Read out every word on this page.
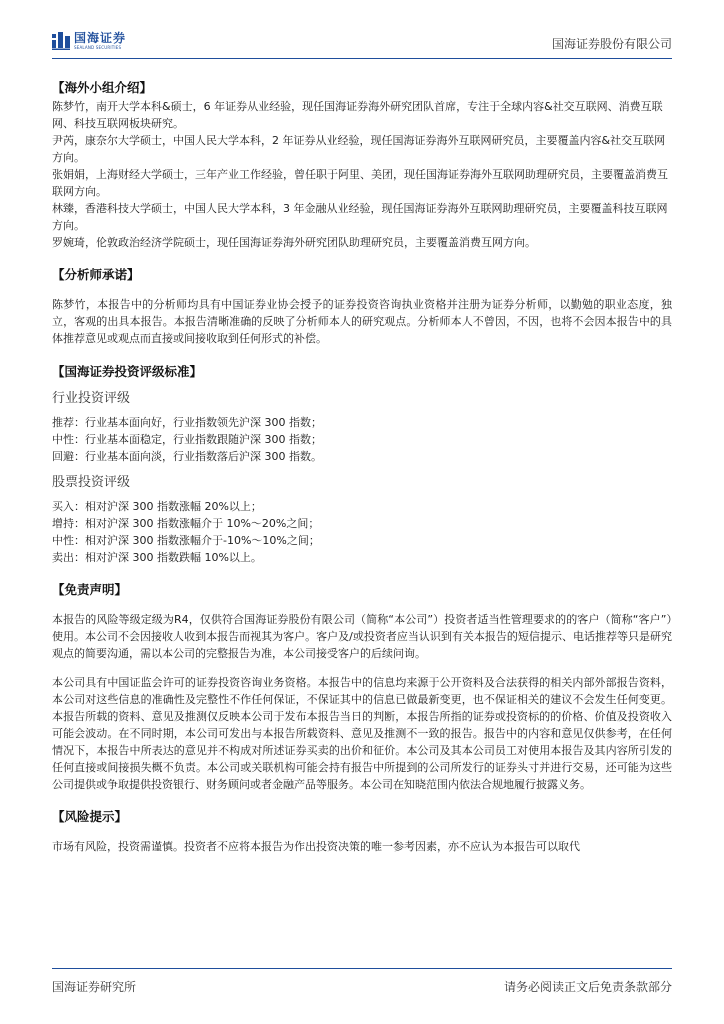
国海证券
SEALAND SECURITIES	国海证券股份有限公司
【海外小组介绍】

陈梦竹，南开大学本科&硕士，6 年证券从业经验，现任国海证券海外研究团队首席，专注于全球内容&社交互联网、消费互联网、科技互联网板块研究。

尹芮，康奈尔大学硕士，中国人民大学本科，2 年证券从业经验，现任国海证券海外互联网研究员，主要覆盖内容&社交互联网方向。

张娟娟，上海财经大学硕士，三年产业工作经验，曾任职于阿里、美团，现任国海证券海外互联网助理研究员，主要覆盖消费互联网方向。

林臻，香港科技大学硕士，中国人民大学本科，3 年金融从业经验，现任国海证券海外互联网助理研究员，主要覆盖科技互联网方向。

罗婉琦，伦敦政治经济学院硕士，现任国海证券海外研究团队助理研究员，主要覆盖消费互网方向。

【分析师承诺】

陈梦竹，本报告中的分析师均具有中国证券业协会授予的证券投资咨询执业资格并注册为证券分析师，以勤勉的职业态度，独立，客观的出具本报告。本报告清晰准确的反映了分析师本人的研究观点。分析师本人不曾因，不因，也将不会因本报告中的具体推荐意见或观点而直接或间接收取到任何形式的补偿。

【国海证券投资评级标准】
行业投资评级

推荐：行业基本面向好，行业指数领先沪深 300 指数；

中性：行业基本面稳定，行业指数跟随沪深 300 指数；

回避：行业基本面向淡，行业指数落后沪深 300 指数。

股票投资评级

买入：相对沪深 300 指数涨幅 20%以上；

增持：相对沪深 300 指数涨幅介于 10%～20%之间；

中性：相对沪深 300 指数涨幅介于-10%～10%之间；

卖出：相对沪深 300 指数跌幅 10%以上。

【免责声明】

本报告的风险等级定级为R4，仅供符合国海证券股份有限公司（简称“本公司”）投资者适当性管理要求的的客户（简称“客户”）使用。本公司不会因接收人收到本报告而视其为客户。客户及/或投资者应当认识到有关本报告的短信提示、电话推荐等只是研究观点的简要沟通，需以本公司的完整报告为准，本公司接受客户的后续问询。

本公司具有中国证监会许可的证券投资咨询业务资格。本报告中的信息均来源于公开资料及合法获得的相关内部外部报告资料，本公司对这些信息的准确性及完整性不作任何保证，不保证其中的信息已做最新变更，也不保证相关的建议不会发生任何变更。本报告所载的资料、意见及推测仅反映本公司于发布本报告当日的判断，本报告所指的证券或投资标的的价格、价值及投资收入可能会波动。在不同时期，本公司可发出与本报告所载资料、意见及推测不一致的报告。报告中的内容和意见仅供参考，在任何情况下，本报告中所表达的意见并不构成对所述证券买卖的出价和征价。本公司及其本公司员工对使用本报告及其内容所引发的任何直接或间接损失概不负责。本公司或关联机构可能会持有报告中所提到的公司所发行的证券头寸并进行交易，还可能为这些公司提供或争取提供投资银行、财务顾问或者金融产品等服务。本公司在知晓范围内依法合规地履行披露义务。

【风险提示】

市场有风险，投资需谨慎。投资者不应将本报告为作出投资决策的唯一参考因素，亦不应认为本报告可以取代

国海证券研究所	请务必阅读正文后免责条款部分
